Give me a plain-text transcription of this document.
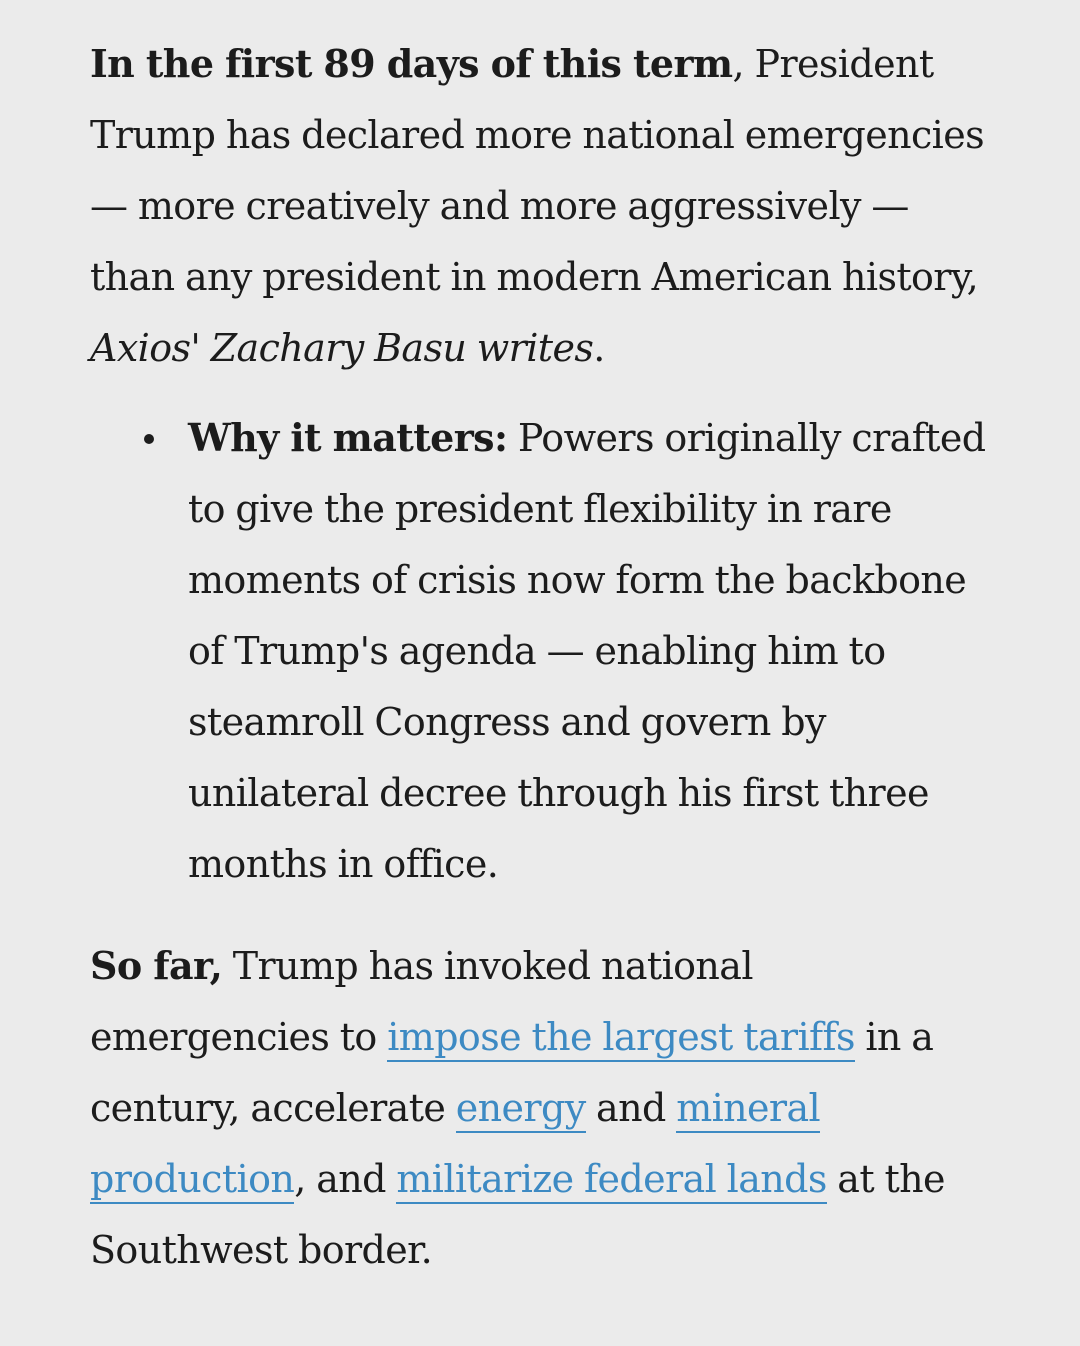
In the first 89 days of this term, President Trump has declared more national emergencies — more creatively and more aggressively — than any president in modern American history, Axios' Zachary Basu writes.

Why it matters: Powers originally crafted to give the president flexibility in rare moments of crisis now form the backbone of Trump's agenda — enabling him to steamroll Congress and govern by unilateral decree through his first three months in office.

So far, Trump has invoked national emergencies to impose the largest tariffs in a century, accelerate energy and mineral production, and militarize federal lands at the Southwest border.
